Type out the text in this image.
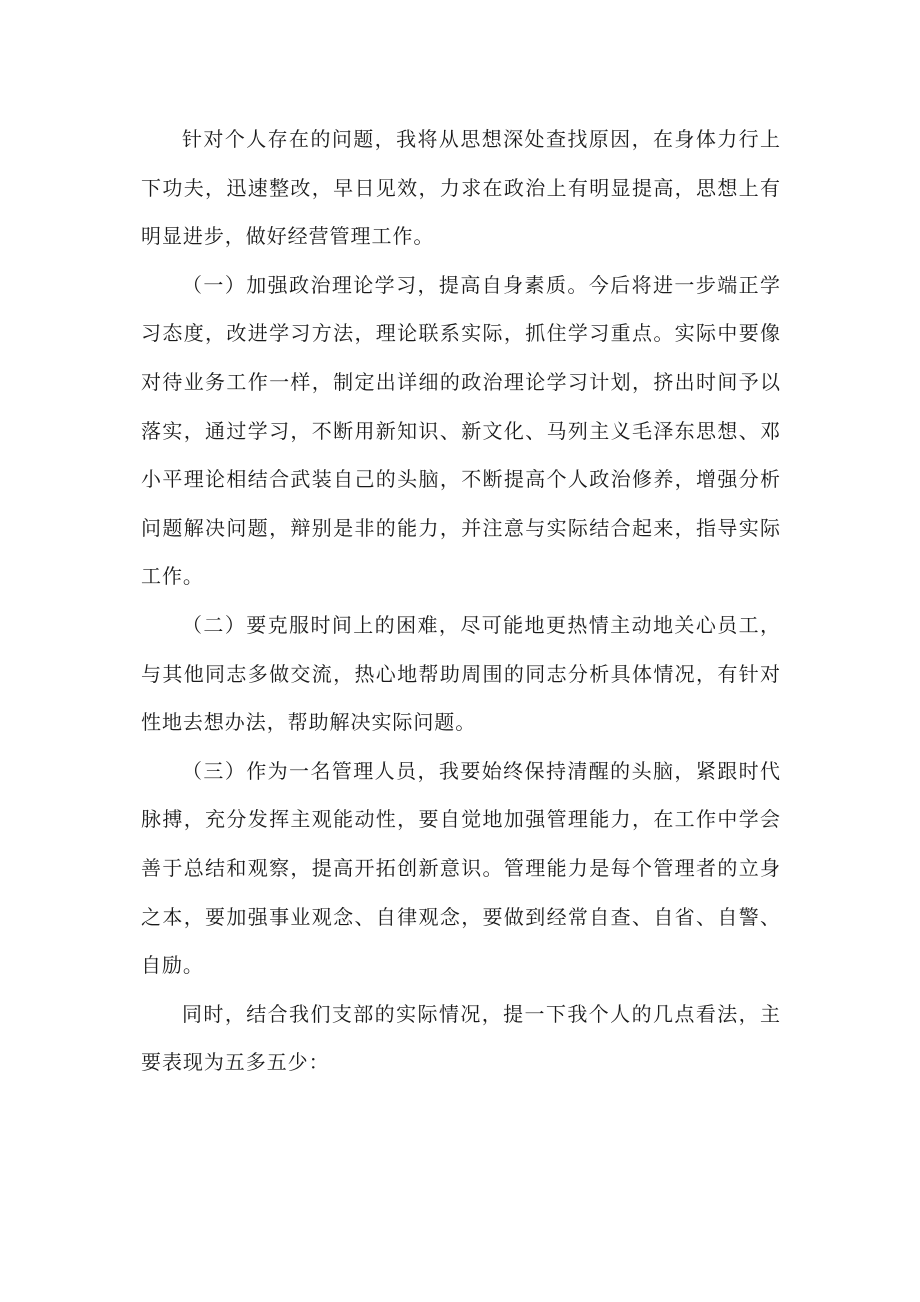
针对个人存在的问题，我将从思想深处查找原因，在身体力行上下功夫，迅速整改，早日见效，力求在政治上有明显提高，思想上有明显进步，做好经营管理工作。

（一）加强政治理论学习，提高自身素质。今后将进一步端正学习态度，改进学习方法，理论联系实际，抓住学习重点。实际中要像对待业务工作一样，制定出详细的政治理论学习计划，挤出时间予以落实，通过学习，不断用新知识、新文化、马列主义毛泽东思想、邓小平理论相结合武装自己的头脑，不断提高个人政治修养，增强分析问题解决问题，辩别是非的能力，并注意与实际结合起来，指导实际工作。

（二）要克服时间上的困难，尽可能地更热情主动地关心员工，与其他同志多做交流，热心地帮助周围的同志分析具体情况，有针对性地去想办法，帮助解决实际问题。

（三）作为一名管理人员，我要始终保持清醒的头脑，紧跟时代脉搏，充分发挥主观能动性，要自觉地加强管理能力，在工作中学会善于总结和观察，提高开拓创新意识。管理能力是每个管理者的立身之本，要加强事业观念、自律观念，要做到经常自查、自省、自警、自励。

同时，结合我们支部的实际情况，提一下我个人的几点看法，主要表现为五多五少：
